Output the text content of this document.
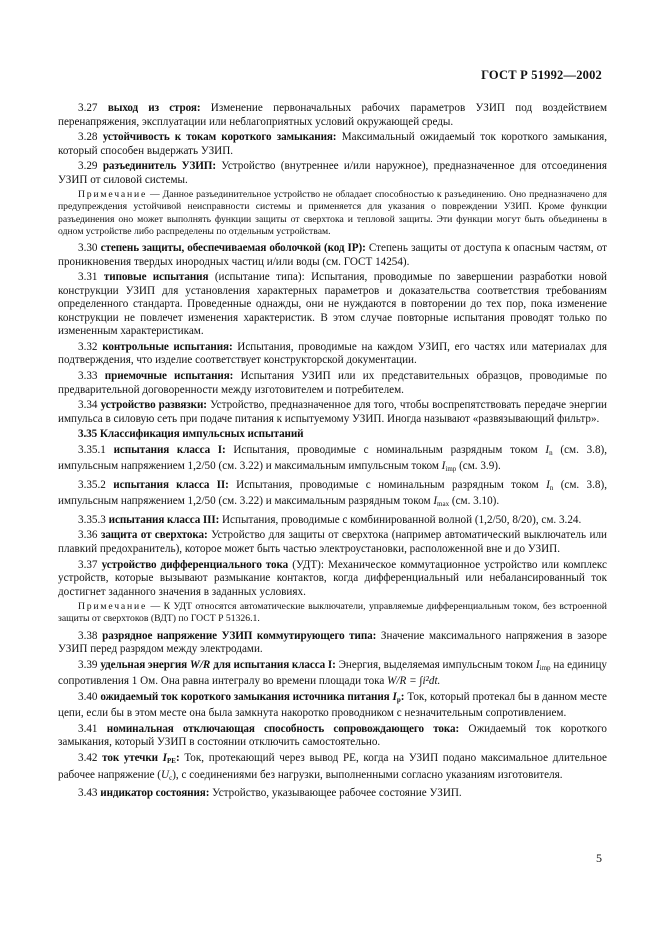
ГОСТ Р 51992—2002

3.27 выход из строя: Изменение первоначальных рабочих параметров УЗИП под воздействием перенапряжения, эксплуатации или неблагоприятных условий окружающей среды.

3.28 устойчивость к токам короткого замыкания: Максимальный ожидаемый ток короткого замыкания, который способен выдержать УЗИП.

3.29 разъединитель УЗИП: Устройство (внутреннее и/или наружное), предназначенное для отсоединения УЗИП от силовой системы.

Примечание — Данное разъединительное устройство не обладает способностью к разъединению. Оно предназначено для предупреждения устойчивой неисправности системы и применяется для указания о повреждении УЗИП. Кроме функции разъединения оно может выполнять функции защиты от сверхтока и тепловой защиты. Эти функции могут быть объединены в одном устройстве либо распределены по отдельным устройствам.

3.30 степень защиты, обеспечиваемая оболочкой (код IP): Степень защиты от доступа к опасным частям, от проникновения твердых инородных частиц и/или воды (см. ГОСТ 14254).

3.31 типовые испытания (испытание типа): Испытания, проводимые по завершении разработки новой конструкции УЗИП для установления характерных параметров и доказательства соответствия требованиям определенного стандарта. Проведенные однажды, они не нуждаются в повторении до тех пор, пока изменение конструкции не повлечет изменения характеристик. В этом случае повторные испытания проводят только по измененным характеристикам.

3.32 контрольные испытания: Испытания, проводимые на каждом УЗИП, его частях или материалах для подтверждения, что изделие соответствует конструкторской документации.

3.33 приемочные испытания: Испытания УЗИП или их представительных образцов, проводимые по предварительной договоренности между изготовителем и потребителем.

3.34 устройство развязки: Устройство, предназначенное для того, чтобы воспрепятствовать передаче энергии импульса в силовую сеть при подаче питания к испытуемому УЗИП. Иногда называют «развязывающий фильтр».

3.35 Классификация импульсных испытаний

3.35.1 испытания класса I: Испытания, проводимые с номинальным разрядным током $I_n$ (см. 3.8), импульсным напряжением 1,2/50 (см. 3.22) и максимальным импульсным током $I_{imp}$ (см. 3.9).

3.35.2 испытания класса II: Испытания, проводимые с номинальным разрядным током $I_n$ (см. 3.8), импульсным напряжением 1,2/50 (см. 3.22) и максимальным разрядным током $I_{max}$ (см. 3.10).

3.35.3 испытания класса III: Испытания, проводимые с комбинированной волной (1,2/50, 8/20), см. 3.24.

3.36 защита от сверхтока: Устройство для защиты от сверхтока (например автоматический выключатель или плавкий предохранитель), которое может быть частью электроустановки, расположенной вне и до УЗИП.

3.37 устройство дифференциального тока (УДТ): Механическое коммутационное устройство или комплекс устройств, которые вызывают размыкание контактов, когда дифференциальный или небалансированный ток достигнет заданного значения в заданных условиях.

Примечание — К УДТ относятся автоматические выключатели, управляемые дифференциальным током, без встроенной защиты от сверхтоков (ВДТ) по ГОСТ Р 51326.1.

3.38 разрядное напряжение УЗИП коммутирующего типа: Значение максимального напряжения в зазоре УЗИП перед разрядом между электродами.

3.39 удельная энергия W/R для испытания класса I: Энергия, выделяемая импульсным током $I_{imp}$ на единицу сопротивления 1 Ом. Она равна интегралу во времени площади тока W/R = ∫i²dt.

3.40 ожидаемый ток короткого замыкания источника питания $I_p$: Ток, который протекал бы в данном месте цепи, если бы в этом месте она была замкнута накоротко проводником с незначительным сопротивлением.

3.41 номинальная отключающая способность сопровождающего тока: Ожидаемый ток короткого замыкания, который УЗИП в состоянии отключить самостоятельно.

3.42 ток утечки $I_{PE}$: Ток, протекающий через вывод PE, когда на УЗИП подано максимальное длительное рабочее напряжение $(U_c)$, с соединениями без нагрузки, выполненными согласно указаниям изготовителя.

3.43 индикатор состояния: Устройство, указывающее рабочее состояние УЗИП.

5
